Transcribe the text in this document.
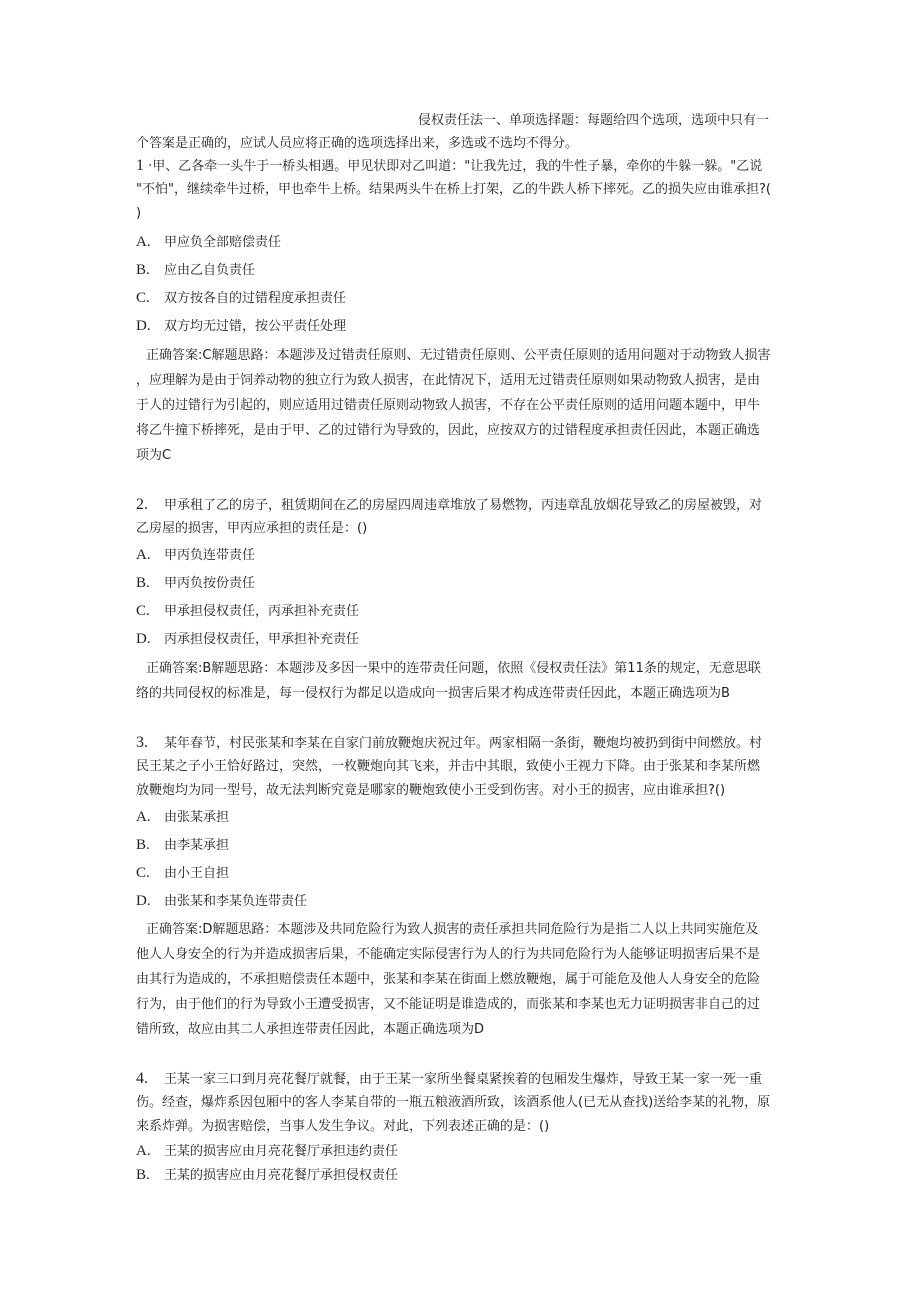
侵权责任法一、单项选择题：每题给四个选项，选项中只有一
个答案是正确的，应试人员应将正确的选项选择出来，多选或不选均不得分。
1 ·甲、乙各牵一头牛于一桥头相遇。甲见状即对乙叫道："让我先过，我的牛性子暴，牵你的牛躲一躲。"乙说
"不怕"，继续牵牛过桥，甲也牵牛上桥。结果两头牛在桥上打架，乙的牛跌人桥下摔死。乙的损失应由谁承担?(
)
A. 甲应负全部赔偿责任
B. 应由乙自负责任
C. 双方按各自的过错程度承担责任
D. 双方均无过错，按公平责任处理
正确答案:C解题思路：本题涉及过错责任原则、无过错责任原则、公平责任原则的适用问题对于动物致人损害
，应理解为是由于饲养动物的独立行为致人损害，在此情况下，适用无过错责任原则如果动物致人损害，是由
于人的过错行为引起的，则应适用过错责任原则动物致人损害，不存在公平责任原则的适用问题本题中，甲牛
将乙牛撞下桥摔死，是由于甲、乙的过错行为导致的，因此，应按双方的过错程度承担责任因此，本题正确选
项为C
2. 甲承租了乙的房子，租赁期间在乙的房屋四周违章堆放了易燃物，丙违章乱放烟花导致乙的房屋被毁，对
乙房屋的损害，甲丙应承担的责任是：()
A. 甲丙负连带责任
B. 甲丙负按份责任
C. 甲承担侵权责任，丙承担补充责任
D. 丙承担侵权责任，甲承担补充责任
正确答案:B解题思路：本题涉及多因一果中的连带责任问题，依照《侵权责任法》第11条的规定，无意思联
络的共同侵权的标准是，每一侵权行为都足以造成向一损害后果才构成连带责任因此，本题正确选项为B
3. 某年春节，村民张某和李某在自家门前放鞭炮庆祝过年。两家相隔一条街，鞭炮均被扔到街中间燃放。村
民王某之子小王恰好路过，突然，一枚鞭炮向其飞来，并击中其眼，致使小王视力下降。由于张某和李某所燃
放鞭炮均为同一型号，故无法判断究竟是哪家的鞭炮致使小王受到伤害。对小王的损害，应由谁承担?()
A. 由张某承担
B. 由李某承担
C. 由小王自担
D. 由张某和李某负连带责任
正确答案:D解题思路：本题涉及共同危险行为致人损害的责任承担共同危险行为是指二人以上共同实施危及
他人人身安全的行为并造成损害后果，不能确定实际侵害行为人的行为共同危险行为人能够证明损害后果不是
由其行为造成的，不承担赔偿责任本题中，张某和李某在街面上燃放鞭炮，属于可能危及他人人身安全的危险
行为，由于他们的行为导致小王遭受损害，又不能证明是谁造成的，而张某和李某也无力证明损害非自己的过
错所致，故应由其二人承担连带责任因此，本题正确选项为D
4. 王某一家三口到月亮花餐厅就餐，由于王某一家所坐餐桌紧挨着的包厢发生爆炸，导致王某一家一死一重
伤。经查，爆炸系因包厢中的客人李某自带的一瓶五粮液酒所致，该酒系他人(已无从查找)送给李某的礼物，原
来系炸弹。为损害赔偿，当事人发生争议。对此，下列表述正确的是：()
A. 王某的损害应由月亮花餐厅承担违约责任
B. 王某的损害应由月亮花餐厅承担侵权责任
